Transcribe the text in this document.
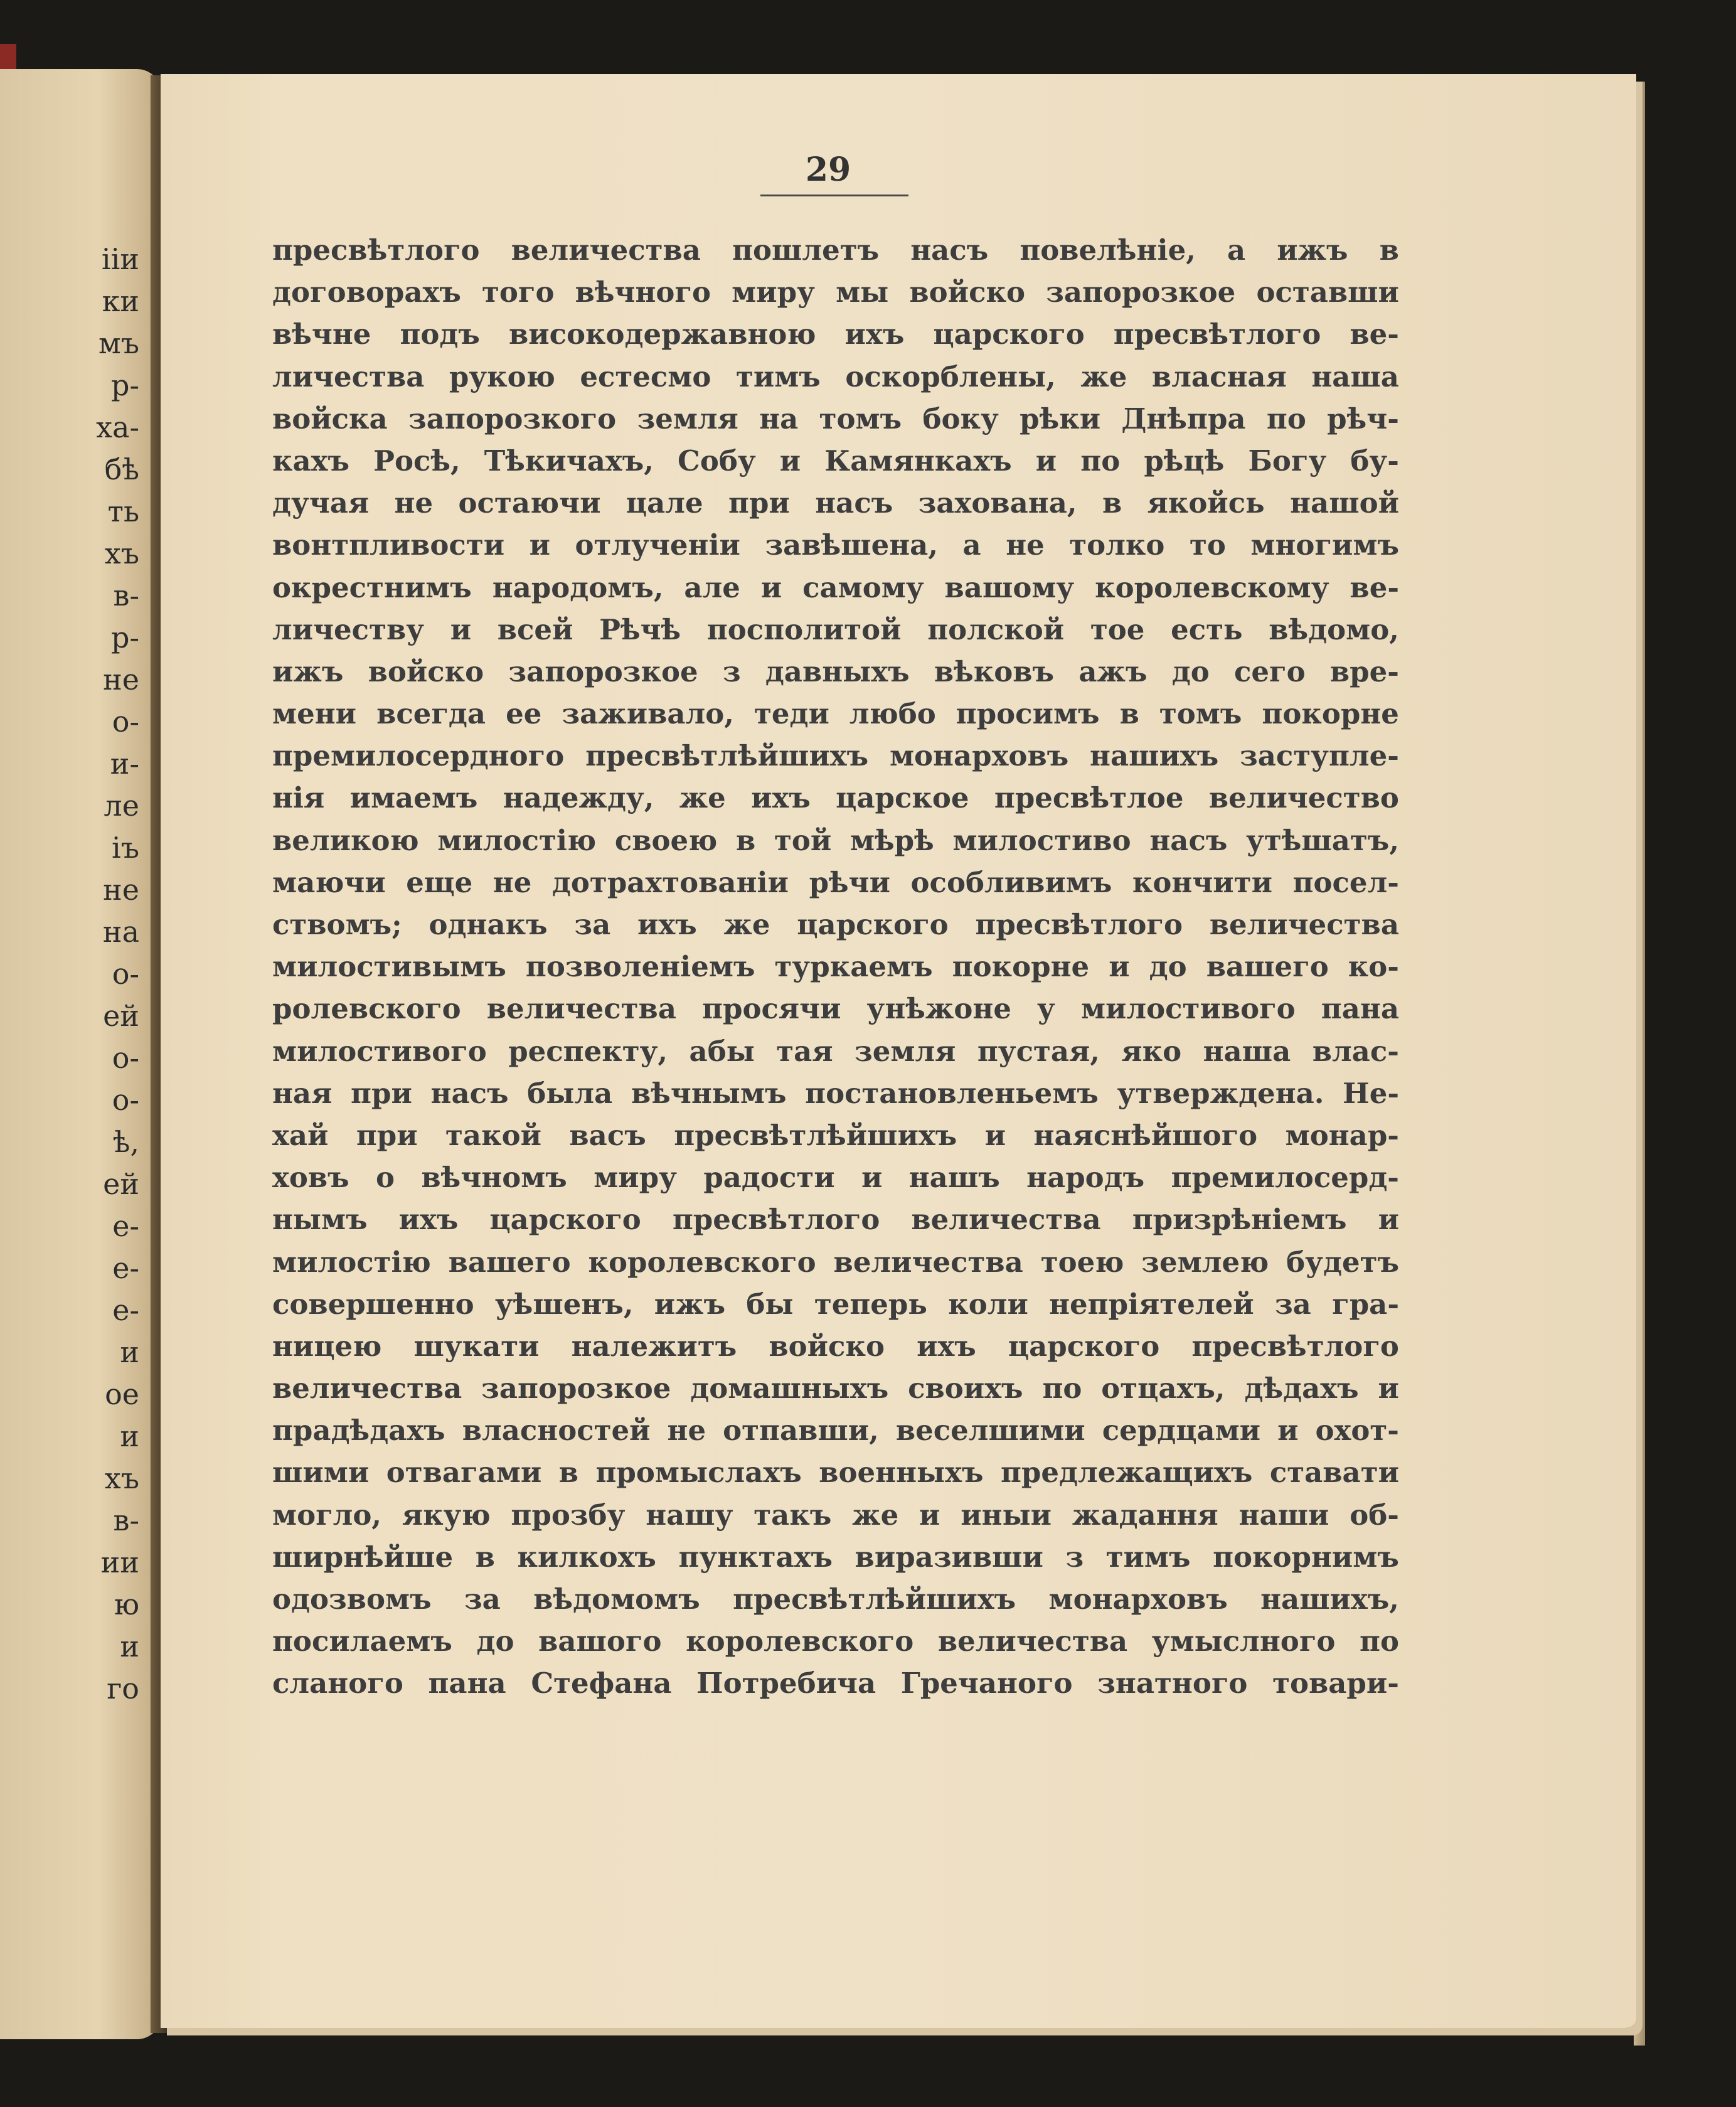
ііи
ки
мъ
р-
ха-
бѣ
ть
хъ
в-
р-
не
о-
и-
ле
іъ
не
на
о-
ей
о-
о-
ѣ,
ей
е-
е-
е-
и
ое
и
хъ
в-
ии
ю
и
го
29
пресвѣтлого величества пошлетъ насъ повелѣніе, а ижъ в
договорахъ того вѣчного миру мы войско запорозкое оставши
вѣчне подъ високодержавною ихъ царского пресвѣтлого ве-
личества рукою естесмо тимъ оскорблены, же власная наша
войска запорозкого земля на томъ боку рѣки Днѣпра по рѣч-
кахъ Росѣ, Тѣкичахъ, Собу и Камянкахъ и по рѣцѣ Богу бу-
дучая не остаючи цале при насъ захована, в якойсь нашой
вонтпливости и отлученіи завѣшена, а не толко то многимъ
окрестнимъ народомъ, але и самому вашому королевскому ве-
личеству и всей Рѣчѣ посполитой полской тое есть вѣдомо,
ижъ войско запорозкое з давныхъ вѣковъ ажъ до сего вре-
мени всегда ее заживало, теди любо просимъ в томъ покорне
премилосердного пресвѣтлѣйшихъ монарховъ нашихъ заступле-
нія имаемъ надежду, же ихъ царское пресвѣтлое величество
великою милостію своею в той мѣрѣ милостиво насъ утѣшатъ,
маючи еще не дотрахтованіи рѣчи особливимъ кончити посел-
ствомъ; однакъ за ихъ же царского пресвѣтлого величества
милостивымъ позволеніемъ туркаемъ покорне и до вашего ко-
ролевского величества просячи унѣжоне у милостивого пана
милостивого респекту, абы тая земля пустая, яко наша влас-
ная при насъ была вѣчнымъ постановленьемъ утверждена. Не-
хай при такой васъ пресвѣтлѣйшихъ и наяснѣйшого монар-
ховъ о вѣчномъ миру радости и нашъ народъ премилосерд-
нымъ ихъ царского пресвѣтлого величества призрѣніемъ и
милостію вашего королевского величества тоею землею будетъ
совершенно уѣшенъ, ижъ бы теперь коли непріятелей за гра-
ницею шукати належитъ войско ихъ царского пресвѣтлого
величества запорозкое домашныхъ своихъ по отцахъ, дѣдахъ и
прадѣдахъ власностей не отпавши, веселшими сердцами и охот-
шими отвагами в промыслахъ военныхъ предлежащихъ ставати
могло, якую прозбу нашу такъ же и иныи жадання наши об-
ширнѣйше в килкохъ пунктахъ виразивши з тимъ покорнимъ
одозвомъ за вѣдомомъ пресвѣтлѣйшихъ монарховъ нашихъ,
посилаемъ до вашого королевского величества умыслного по
сланого пана Стефана Потребича Гречаного знатного товари-
